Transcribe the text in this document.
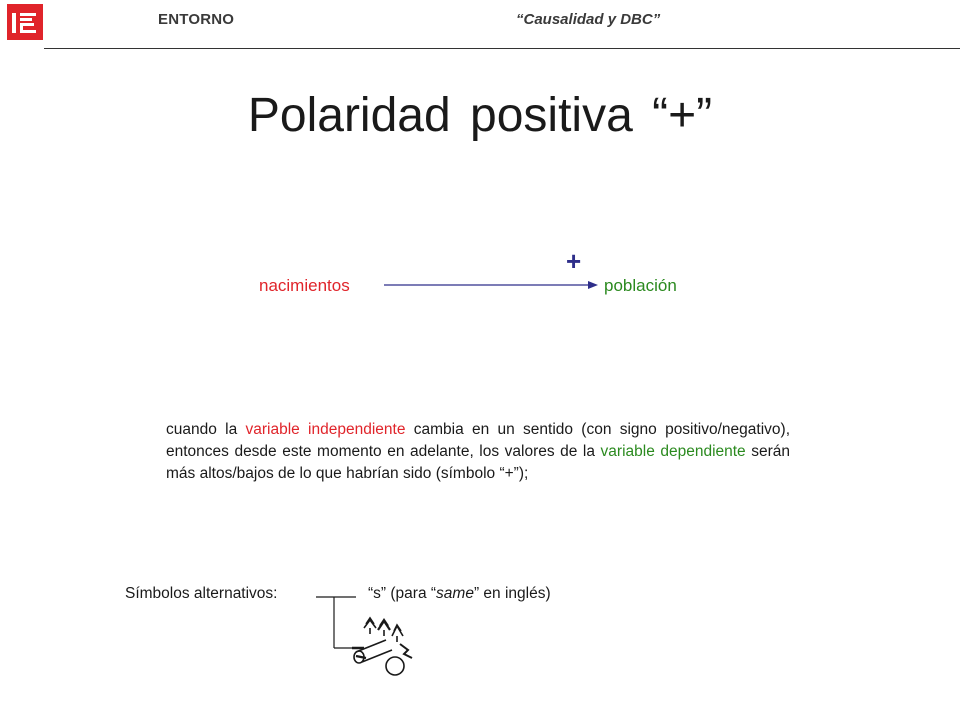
ENTORNO	“Causalidad y DBC”
Polaridad positiva “+”
+
nacimientos	población
cuando la variable independiente cambia en un sentido (con signo positivo/negativo), entonces desde este momento en adelante, los valores de la variable dependiente serán más altos/bajos de lo que habrían sido (símbolo “+”);
Símbolos alternativos:	“s” (para “same” en inglés)
